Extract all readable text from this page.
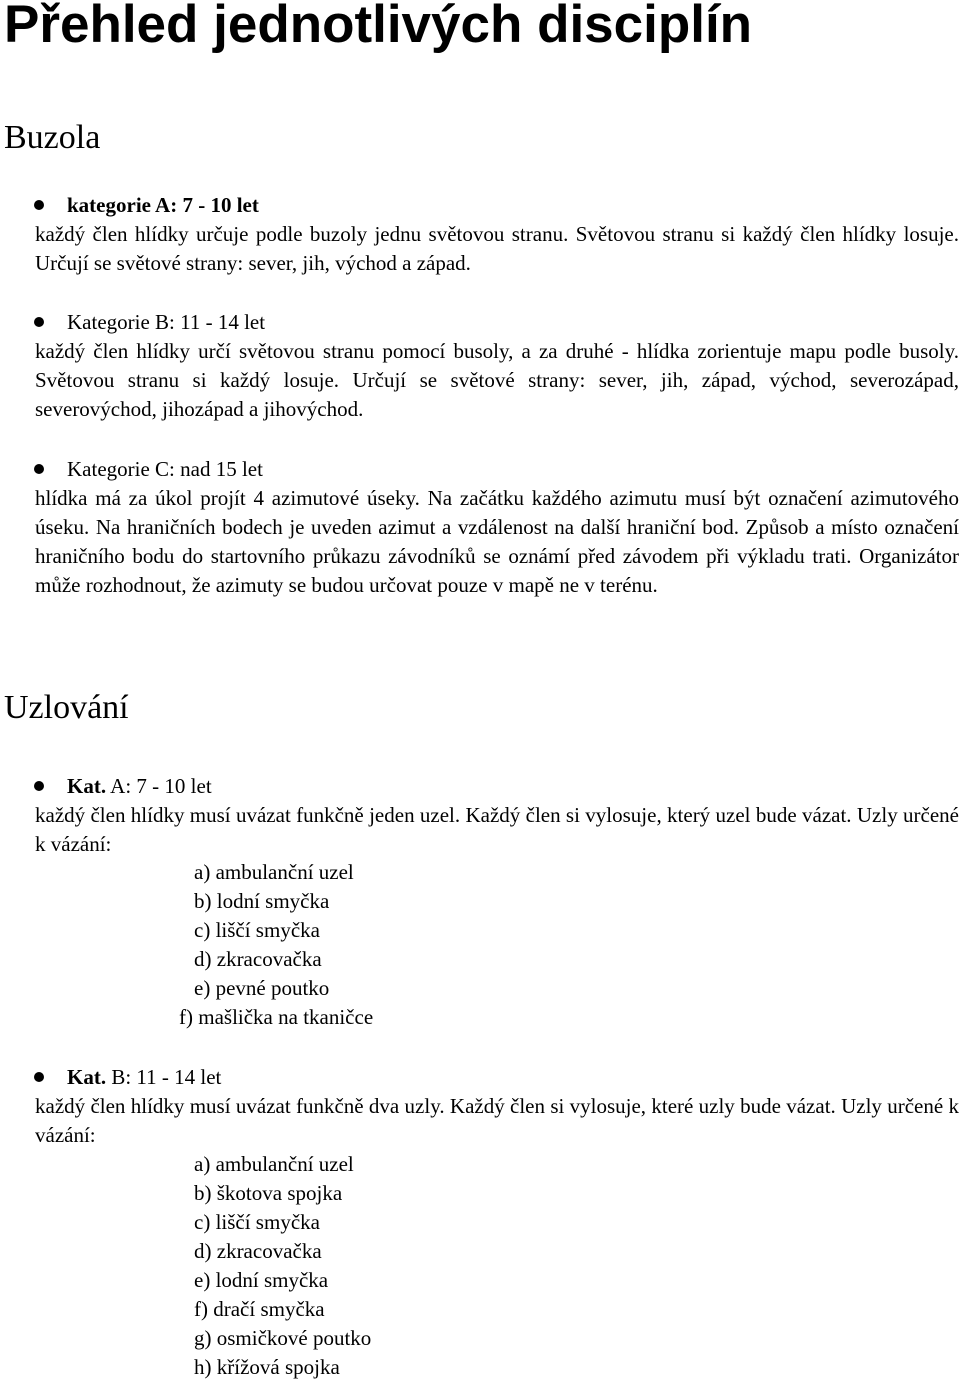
Přehled jednotlivých disciplín
Buzola
kategorie A: 7 - 10 let
každý člen hlídky určuje podle buzoly jednu světovou stranu. Světovou stranu si každý člen hlídky losuje. Určují se světové strany: sever, jih, východ a západ.
Kategorie B: 11 - 14 let
každý člen hlídky určí světovou stranu pomocí busoly, a za druhé - hlídka zorientuje mapu podle busoly. Světovou stranu si každý losuje. Určují se světové strany: sever, jih, západ, východ, severozápad, severovýchod, jihozápad a jihovýchod.
Kategorie C: nad 15 let
hlídka má za úkol projít 4 azimutové úseky. Na začátku každého azimutu musí být označení azimutového úseku. Na hraničních bodech je uveden azimut a vzdálenost na další hraniční bod. Způsob a místo označení hraničního bodu do startovního průkazu závodníků se oznámí před závodem při výkladu trati. Organizátor může rozhodnout, že azimuty se budou určovat pouze v mapě ne v terénu.
Uzlování
Kat. A: 7 - 10 let
každý člen hlídky musí uvázat funkčně jeden uzel. Každý člen si vylosuje, který uzel bude vázat. Uzly určené k vázání:
a) ambulanční uzel
b) lodní smyčka
c) liščí smyčka
d) zkracovačka
e) pevné poutko
f) mašlička na tkaničce
Kat. B: 11 - 14 let
každý člen hlídky musí uvázat funkčně dva uzly. Každý člen si vylosuje, které uzly bude vázat. Uzly určené k vázání:
a) ambulanční uzel
b) škotova spojka
c) liščí smyčka
d) zkracovačka
e) lodní smyčka
f) dračí smyčka
g) osmičkové poutko
h) křížová spojka
